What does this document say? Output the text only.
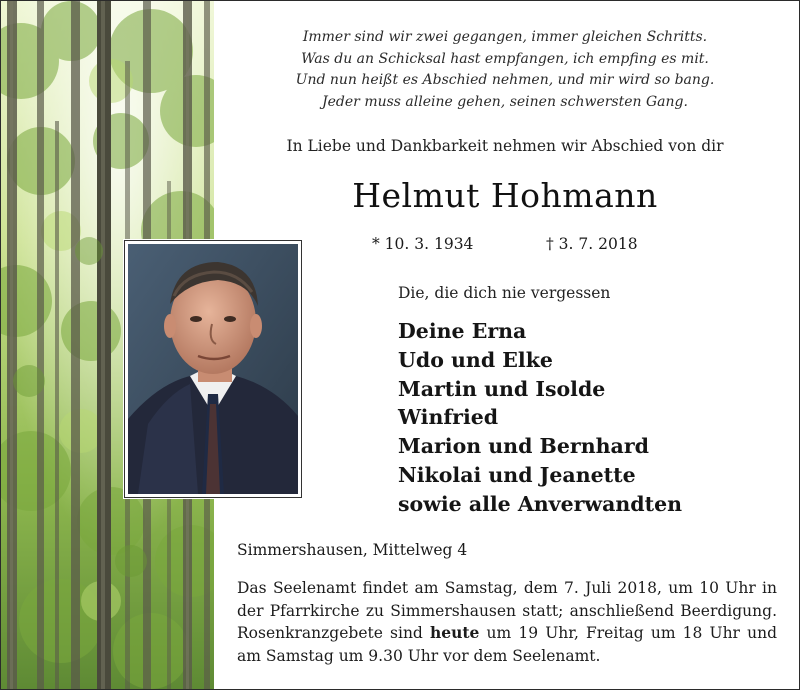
Immer sind wir zwei gegangen, immer gleichen Schritts.
Was du an Schicksal hast empfangen, ich empfing es mit.
Und nun heißt es Abschied nehmen, und mir wird so bang.
Jeder muss alleine gehen, seinen schwersten Gang.
In Liebe und Dankbarkeit nehmen wir Abschied von dir
Helmut Hohmann
* 10. 3. 1934	† 3. 7. 2018
Die, die dich nie vergessen
Deine Erna
Udo und Elke
Martin und Isolde
Winfried
Marion und Bernhard
Nikolai und Jeanette
sowie alle Anverwandten
Simmershausen, Mittelweg 4

Das Seelenamt findet am Samstag, dem 7. Juli 2018, um 10 Uhr in der Pfarrkirche zu Simmershausen statt; anschließend Beerdigung. Rosenkranzgebete sind heute um 19 Uhr, Freitag um 18 Uhr und am Samstag um 9.30 Uhr vor dem Seelenamt.
